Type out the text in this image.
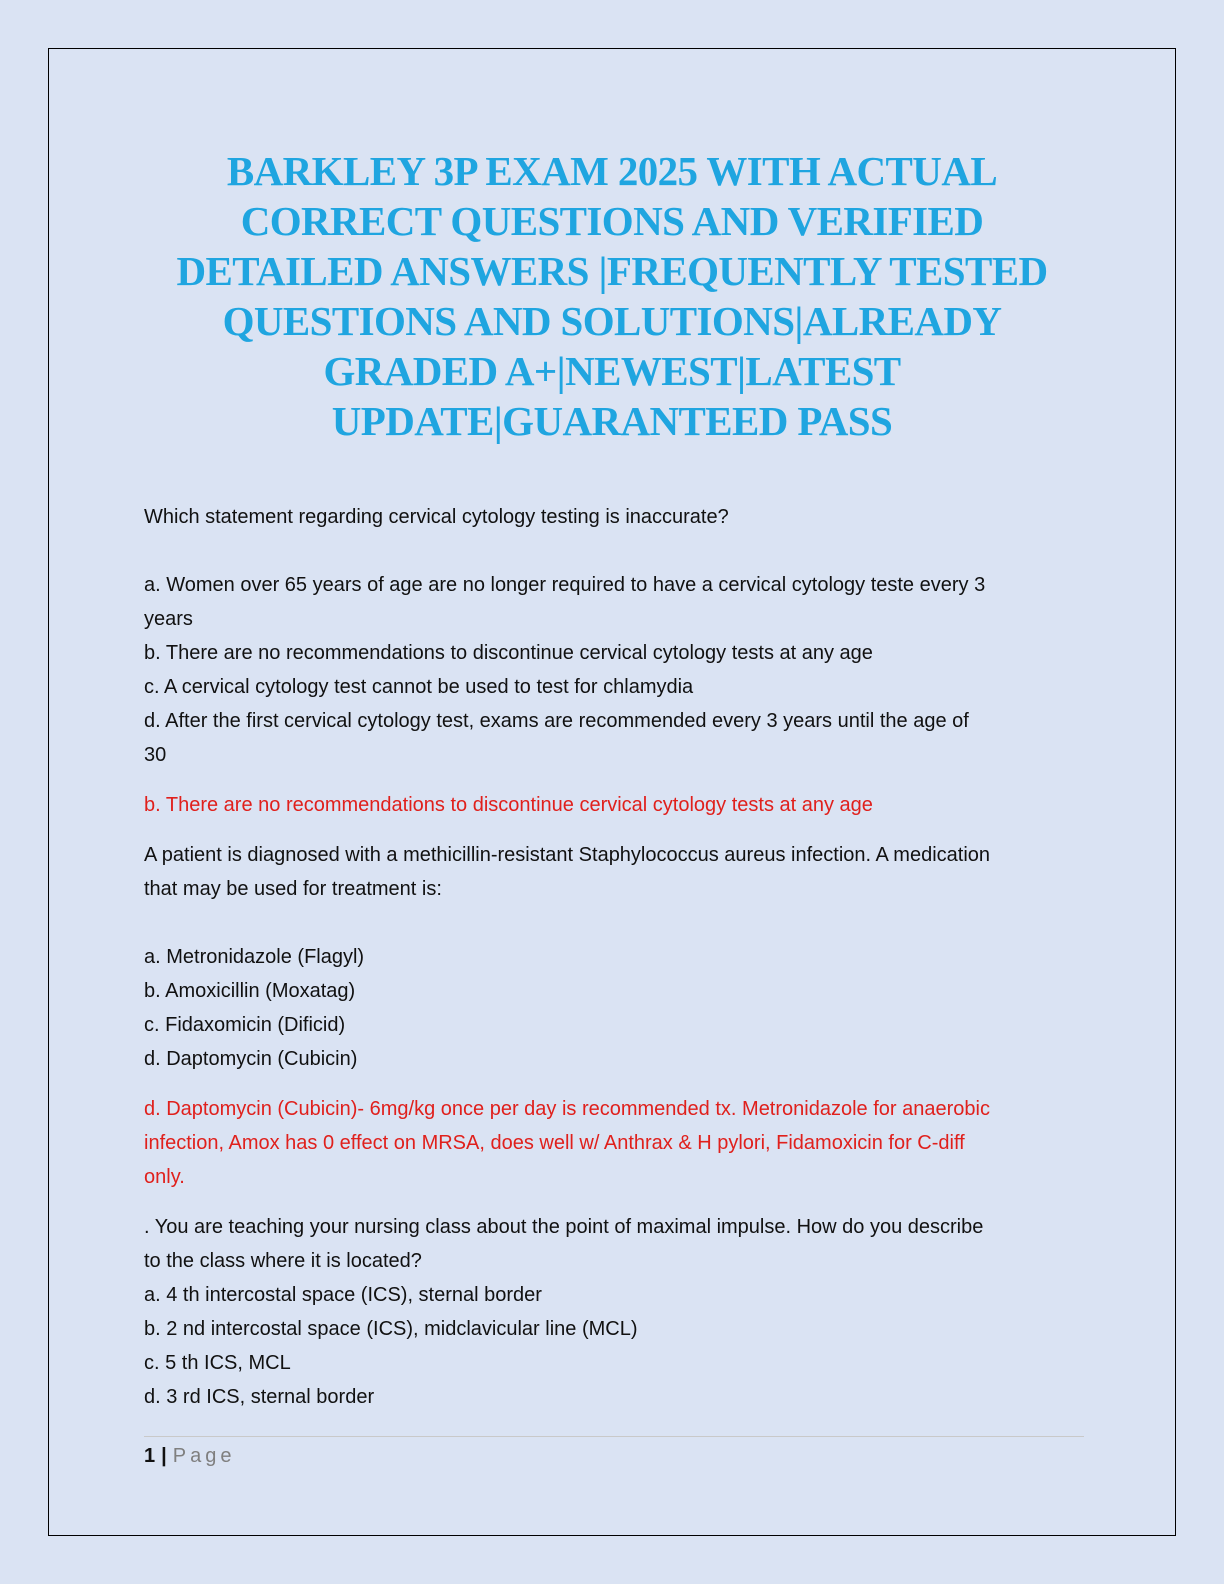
BARKLEY 3P EXAM 2025 WITH ACTUAL
CORRECT QUESTIONS AND VERIFIED
DETAILED ANSWERS |FREQUENTLY TESTED
QUESTIONS AND SOLUTIONS|ALREADY
GRADED A+|NEWEST|LATEST
UPDATE|GUARANTEED PASS

Which statement regarding cervical cytology testing is inaccurate?

a. Women over 65 years of age are no longer required to have a cervical cytology teste every 3

years

b. There are no recommendations to discontinue cervical cytology tests at any age

c. A cervical cytology test cannot be used to test for chlamydia

d. After the first cervical cytology test, exams are recommended every 3 years until the age of

30

b. There are no recommendations to discontinue cervical cytology tests at any age

A patient is diagnosed with a methicillin-resistant Staphylococcus aureus infection. A medication

that may be used for treatment is:

a. Metronidazole (Flagyl)

b. Amoxicillin (Moxatag)

c. Fidaxomicin (Dificid)

d. Daptomycin (Cubicin)

d. Daptomycin (Cubicin)- 6mg/kg once per day is recommended tx. Metronidazole for anaerobic

infection, Amox has 0 effect on MRSA, does well w/ Anthrax & H pylori, Fidamoxicin for C-diff

only.

. You are teaching your nursing class about the point of maximal impulse. How do you describe

to the class where it is located?

a. 4 th intercostal space (ICS), sternal border

b. 2 nd intercostal space (ICS), midclavicular line (MCL)

c. 5 th ICS, MCL

d. 3 rd ICS, sternal border

1 | Page
